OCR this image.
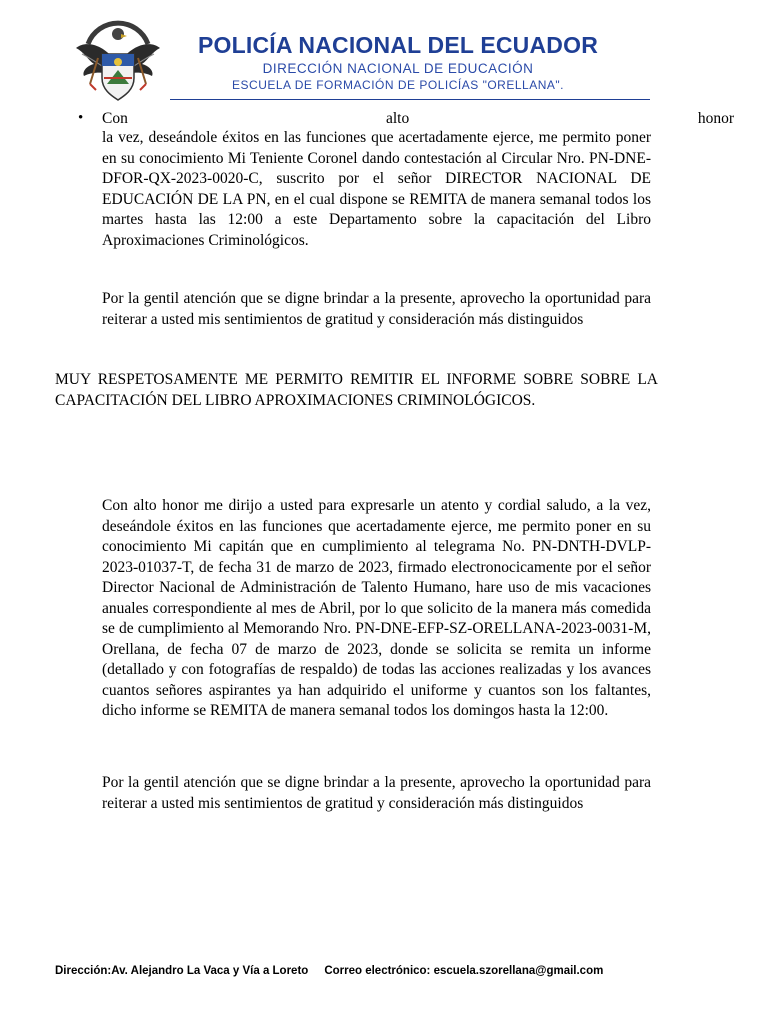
POLICÍA NACIONAL DEL ECUADOR
DIRECCIÓN NACIONAL DE EDUCACIÓN
ESCUELA DE FORMACIÓN DE POLICÍAS "ORELLANA".
• Con	alto	honor

la vez, deseándole éxitos en las funciones que acertadamente ejerce, me permito poner en su conocimiento Mi Teniente Coronel dando contestación al Circular Nro. PN-DNE-DFOR-QX-2023-0020-C, suscrito por el señor DIRECTOR NACIONAL DE EDUCACIÓN DE LA PN, en el cual dispone se REMITA de manera semanal todos los martes hasta las 12:00 a este Departamento sobre la capacitación del Libro Aproximaciones Criminológicos.

Por la gentil atención que se digne brindar a la presente, aprovecho la oportunidad para reiterar a usted mis sentimientos de gratitud y consideración más distinguidos

MUY RESPETOSAMENTE ME PERMITO REMITIR EL INFORME SOBRE SOBRE LA CAPACITACIÓN DEL LIBRO APROXIMACIONES CRIMINOLÓGICOS.

Con alto honor me dirijo a usted para expresarle un atento y cordial saludo, a la vez, deseándole éxitos en las funciones que acertadamente ejerce, me permito poner en su conocimiento Mi capitán que en cumplimiento al telegrama No. PN-DNTH-DVLP-2023-01037-T, de fecha 31 de marzo de 2023, firmado electronocicamente por el señor Director Nacional de Administración de Talento Humano, hare uso de mis vacaciones anuales correspondiente al mes de Abril, por lo que solicito de la manera más comedida se de cumplimiento al Memorando Nro. PN-DNE-EFP-SZ-ORELLANA-2023-0031-M, Orellana, de fecha 07 de marzo de 2023, donde se solicita se remita un informe (detallado y con fotografías de respaldo) de todas las acciones realizadas y los avances cuantos señores aspirantes ya han adquirido el uniforme y cuantos son los faltantes, dicho informe se REMITA de manera semanal todos los domingos hasta la 12:00.

Por la gentil atención que se digne brindar a la presente, aprovecho la oportunidad para reiterar a usted mis sentimientos de gratitud y consideración más distinguidos

Dirección:Av. Alejandro La Vaca y Vía a Loreto Correo electrónico: escuela.szorellana@gmail.com
